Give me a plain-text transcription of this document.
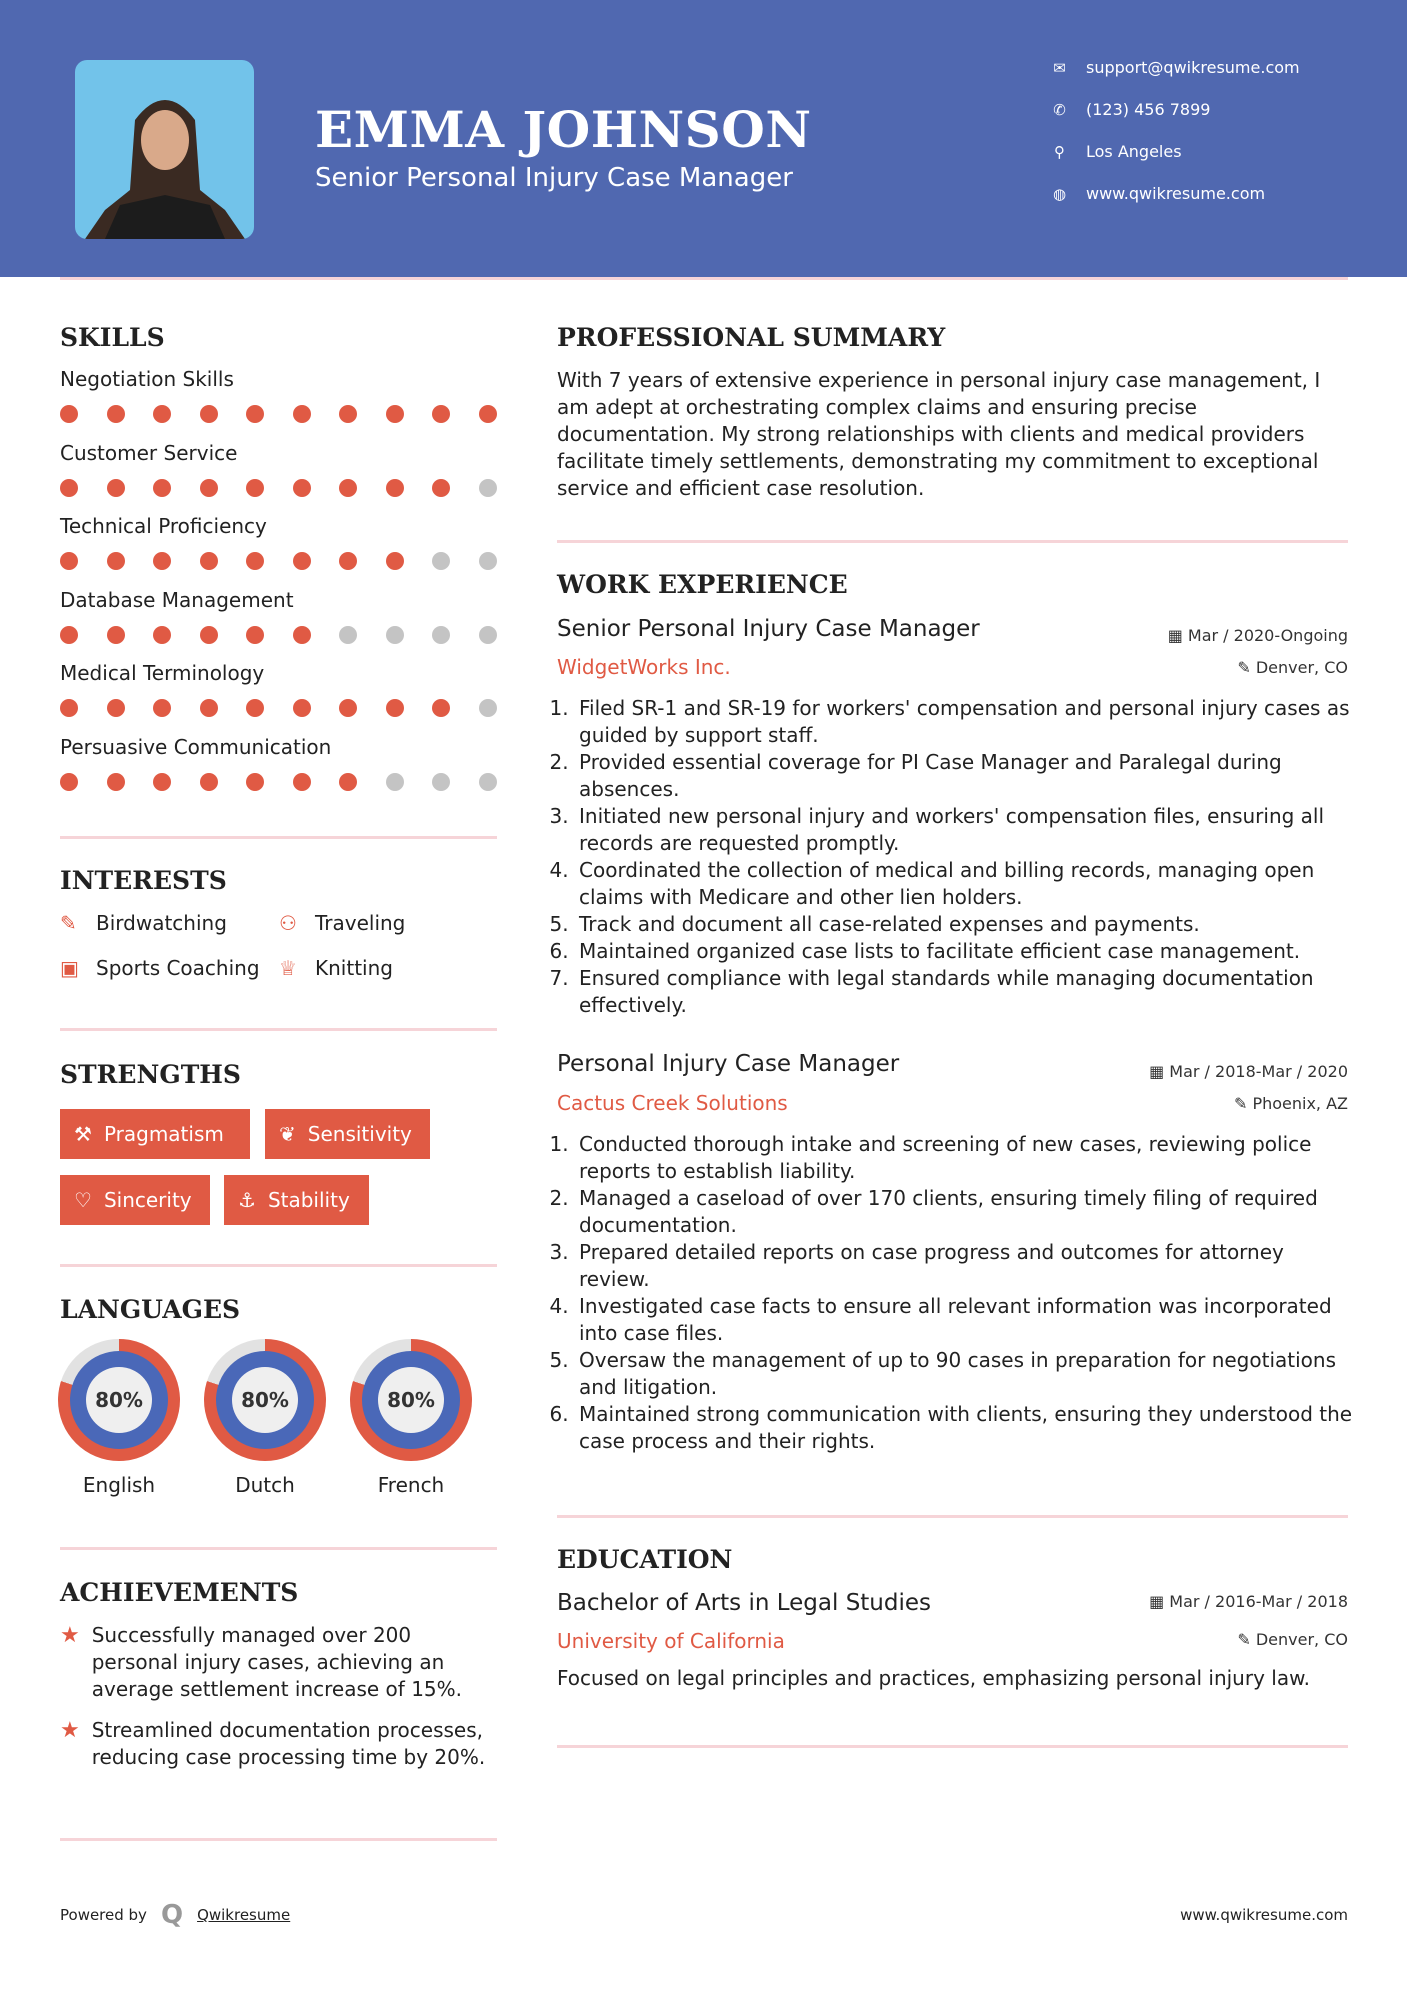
EMMA JOHNSON
Senior Personal Injury Case Manager
✉ support@qwikresume.com
✆ (123) 456 7899
⚲ Los Angeles
◍ www.qwikresume.com
SKILLS
Negotiation Skills
Customer Service
Technical Proficiency
Database Management
Medical Terminology
Persuasive Communication
INTERESTS
✎ Birdwatching	⚇ Traveling
▣ Sports Coaching ♕ Knitting
STRENGTHS
⚒ Pragmatism	❦ Sensitivity
♡ Sincerity ⚓ Stability
LANGUAGES
80%
English
80%
Dutch
80%
French
ACHIEVEMENTS
★ Successfully managed over 200 personal injury cases, achieving an average settlement increase of 15%.
★ Streamlined documentation processes, reducing case processing time by 20%.
PROFESSIONAL SUMMARY
With 7 years of extensive experience in personal injury case management, I am adept at orchestrating complex claims and ensuring precise documentation. My strong relationships with clients and medical providers facilitate timely settlements, demonstrating my commitment to exceptional service and efficient case resolution.
WORK EXPERIENCE
Senior Personal Injury Case Manager	▦ Mar / 2020-Ongoing
WidgetWorks Inc.	✎ Denver, CO
1. Filed SR-1 and SR-19 for workers' compensation and personal injury cases as guided by support staff.
2. Provided essential coverage for PI Case Manager and Paralegal during absences.
3. Initiated new personal injury and workers' compensation files, ensuring all records are requested promptly.
4. Coordinated the collection of medical and billing records, managing open claims with Medicare and other lien holders.
5. Track and document all case-related expenses and payments.
6. Maintained organized case lists to facilitate efficient case management.
7. Ensured compliance with legal standards while managing documentation effectively.
Personal Injury Case Manager	▦ Mar / 2018-Mar / 2020
Cactus Creek Solutions	✎ Phoenix, AZ
1. Conducted thorough intake and screening of new cases, reviewing police reports to establish liability.
2. Managed a caseload of over 170 clients, ensuring timely filing of required documentation.
3. Prepared detailed reports on case progress and outcomes for attorney review.
4. Investigated case facts to ensure all relevant information was incorporated into case files.
5. Oversaw the management of up to 90 cases in preparation for negotiations and litigation.
6. Maintained strong communication with clients, ensuring they understood the case process and their rights.
EDUCATION
Bachelor of Arts in Legal Studies	▦ Mar / 2016-Mar / 2018
University of California	✎ Denver, CO
Focused on legal principles and practices, emphasizing personal injury law.
Powered by Q Qwikresume	www.qwikresume.com
